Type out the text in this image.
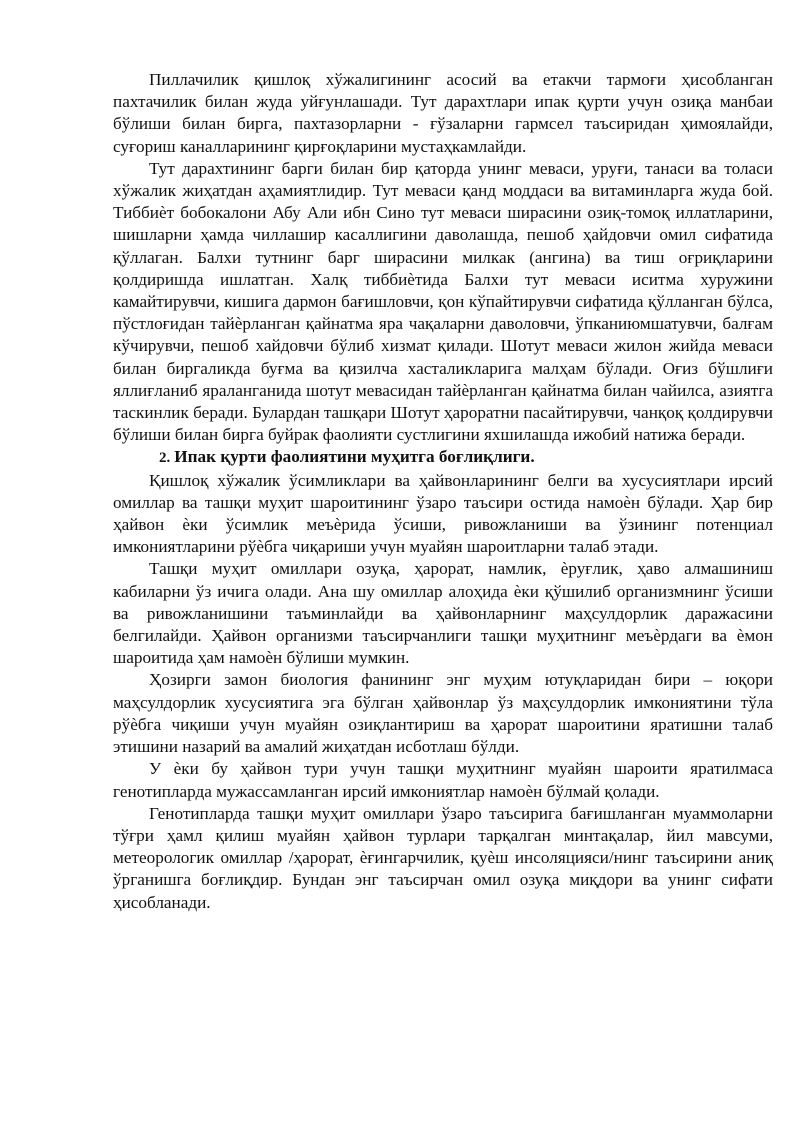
Пиллачилик қишлоқ хўжалигининг асосий ва етакчи тармоғи ҳисобланган пахтачилик билан жуда уйғунлашади. Тут дарахтлари ипак қурти учун озиқа манбаи бўлиши билан бирга, пахтазорларни - ғўзаларни гармсел таъсиридан ҳимоялайди, суғориш каналларининг қирғоқларини мустаҳкамлайди.

Тут дарахтининг барги билан бир қаторда унинг меваси, уруғи, танаси ва толаси хўжалик жиҳатдан аҳамиятлидир. Тут меваси қанд моддаси ва витаминларга жуда бой. Тиббиѐт бобокалони Абу Али ибн Сино тут меваси ширасини озиқ-томоқ иллатларини, шишларни ҳамда чиллашир касаллигини даволашда, пешоб ҳайдовчи омил сифатида қўллаган. Балхи тутнинг барг ширасини милкак (ангина) ва тиш оғриқларини қолдиришда ишлатган. Халқ тиббиѐтида Балхи тут меваси иситма хуружини камайтирувчи, кишига дармон бағишловчи, қон кўпайтирувчи сифатида қўлланган бўлса, пўстлоғидан тайѐрланган қайнатма яра чақаларни даволовчи, ўпканиюмшатувчи, балғам кўчирувчи, пешоб хайдовчи бўлиб хизмат қилади. Шотут меваси жилон жийда меваси билан биргаликда буғма ва қизилча хасталикларига малҳам бўлади. Оғиз бўшлиғи яллиғланиб яраланганида шотут мевасидан тайѐрланган қайнатма билан чайилса, азиятга таскинлик беради. Булардан ташқари Шотут ҳароратни пасайтирувчи, чанқоқ қолдирувчи бўлиши билан бирга буйрак фаолияти сустлигини яхшилашда ижобий натижа беради.

2. Ипак қурти фаолиятини муҳитга боғлиқлиги.

Қишлоқ хўжалик ўсимликлари ва ҳайвонларининг белги ва хусусиятлари ирсий омиллар ва ташқи муҳит шароитининг ўзаро таъсири остида намоѐн бўлади. Ҳар бир ҳайвон ѐки ўсимлик меъѐрида ўсиши, ривожланиши ва ўзининг потенциал имкониятларини рўѐбга чиқариши учун муайян шароитларни талаб этади.

Ташқи муҳит омиллари озуқа, ҳарорат, намлик, ѐруғлик, ҳаво алмашиниш кабиларни ўз ичига олади. Ана шу омиллар алоҳида ѐки қўшилиб организмнинг ўсиши ва ривожланишини таъминлайди ва ҳайвонларнинг маҳсулдорлик даражасини белгилайди. Ҳайвон организми таъсирчанлиги ташқи муҳитнинг меъѐрдаги ва ѐмон шароитида ҳам намоѐн бўлиши мумкин.

Ҳозирги замон биология фанининг энг муҳим ютуқларидан бири – юқори маҳсулдорлик хусусиятига эга бўлган ҳайвонлар ўз маҳсулдорлик имкониятини тўла рўѐбга чиқиши учун муайян озиқлантириш ва ҳарорат шароитини яратишни талаб этишини назарий ва амалий жиҳатдан исботлаш бўлди.

У ѐки бу ҳайвон тури учун ташқи муҳитнинг муайян шароити яратилмаса генотипларда мужассамланган ирсий имкониятлар намоѐн бўлмай қолади.

Генотипларда ташқи муҳит омиллари ўзаро таъсирига бағишланган муаммоларни тўғри ҳамл қилиш муайян ҳайвон турлари тарқалган минтақалар, йил мавсуми, метеорологик омиллар /ҳарорат, ѐғингарчилик, қуѐш инсоляцияси/нинг таъсирини аниқ ўрганишга боғлиқдир. Бундан энг таъсирчан омил озуқа миқдори ва унинг сифати ҳисобланади.
